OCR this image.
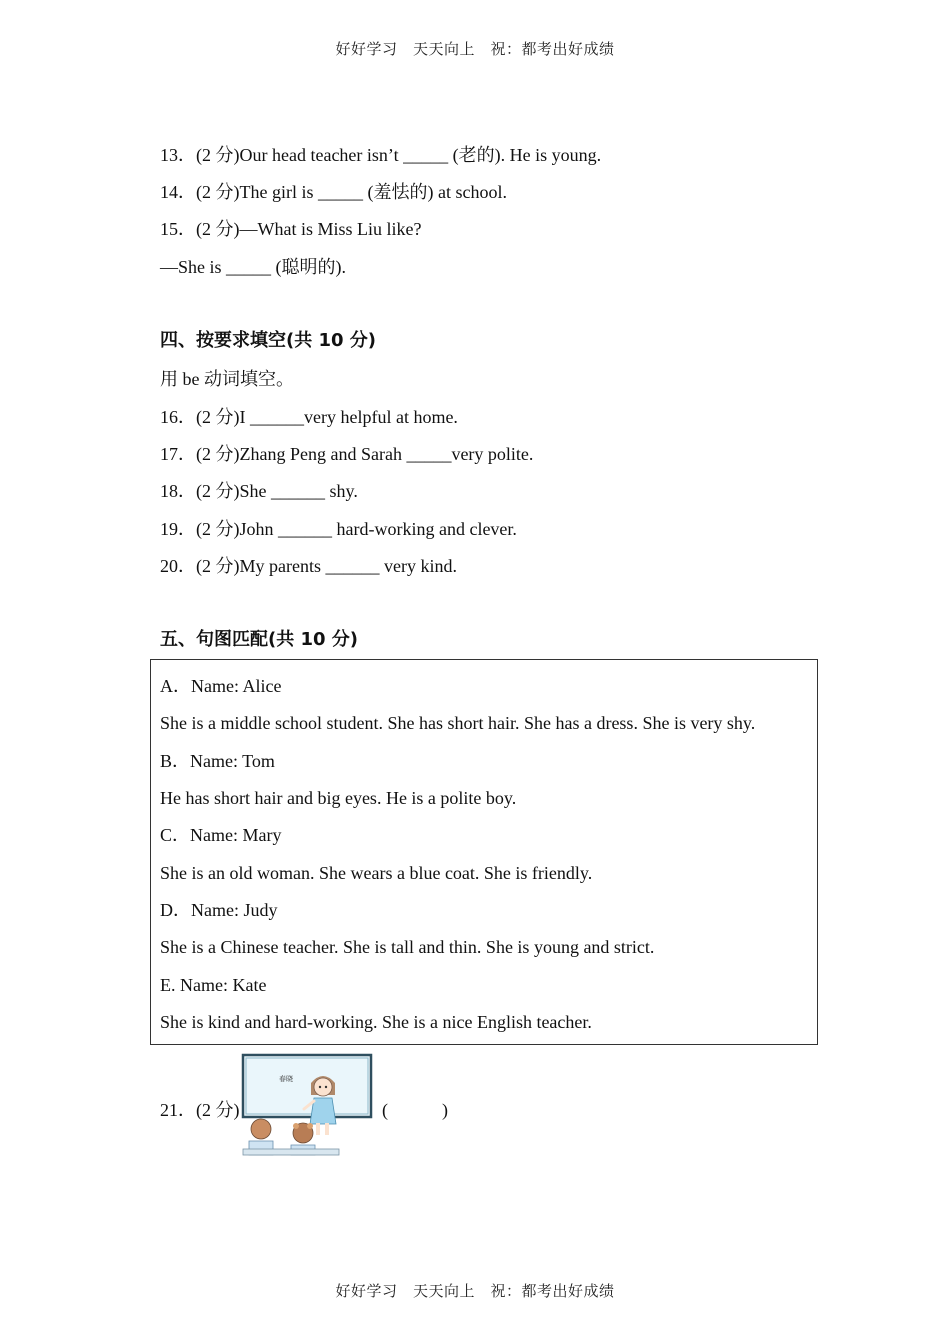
好好学习　天天向上　祝：都考出好成绩
13．(2 分)Our head teacher isn’t _____ (老的). He is young.
14．(2 分)The girl is _____ (羞怯的) at school.
15．(2 分)—What is Miss Liu like?
—She is _____ (聪明的).
四、按要求填空(共 10 分)
用 be 动词填空。
16．(2 分)I ______very helpful at home.
17．(2 分)Zhang Peng and Sarah _____very polite.
18．(2 分)She ______ shy.
19．(2 分)John ______ hard-working and clever.
20．(2 分)My parents ______ very kind.
五、句图匹配(共 10 分)
A．Name: Alice
She is a middle school student. She has short hair. She has a dress. She is very shy.
B．Name: Tom
He has short hair and big eyes. He is a polite boy.
C．Name: Mary
She is an old woman. She wears a blue coat. She is friendly.
D．Name: Judy
She is a Chinese teacher. She is tall and thin. She is young and strict.
E. Name: Kate
She is kind and hard-working. She is a nice English teacher.
21．(2 分)
春晓
(　　　)
好好学习　天天向上　祝：都考出好成绩
